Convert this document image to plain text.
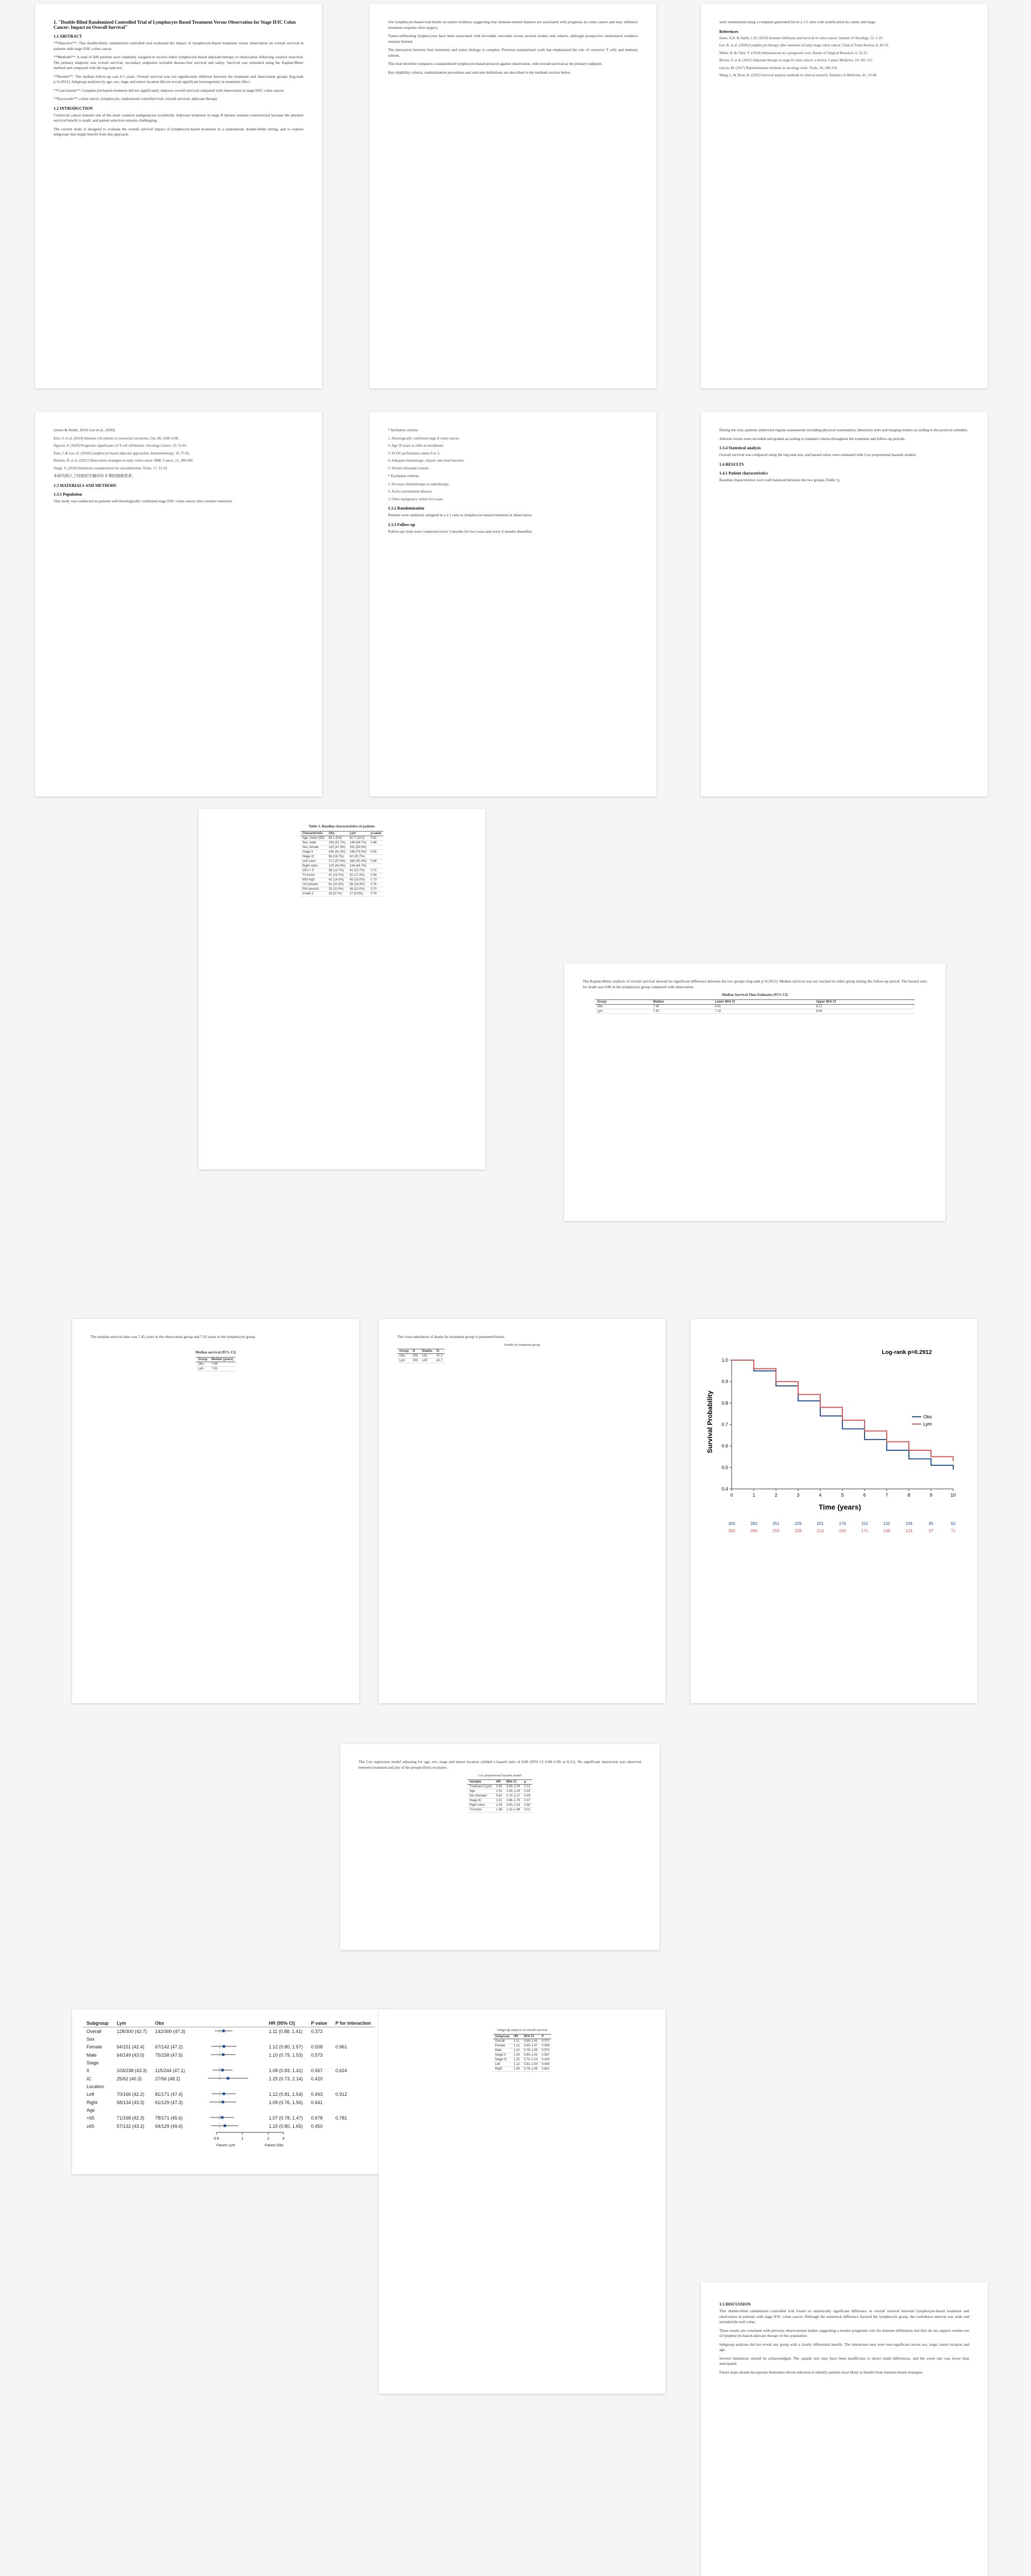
1. "Double-Blind Randomized Controlled Trial of Lymphocyte-Based Treatment Versus Observation for Stage II/IC Colon Cancer: Impact on Overall Survival"

1.1 ABSTRACT

**Objective**: This double-blind, randomized controlled trial evaluated the impact of lymphocyte-based treatment versus observation on overall survival in patients with stage II/IC colon cancer.

**Methods**: A total of 600 patients were randomly assigned to receive either lymphocyte-based adjuvant therapy or observation following curative resection. The primary endpoint was overall survival; secondary endpoints included disease-free survival and safety. Survival was estimated using the Kaplan-Meier method and compared with the log-rank test.

**Results**: The median follow-up was 6.1 years. Overall survival was not significantly different between the treatment and observation groups (log-rank p=0.2912). Subgroup analyses by age, sex, stage and tumor location did not reveal significant heterogeneity in treatment effect.

**Conclusions**: Lymphocyte-based treatment did not significantly improve overall survival compared with observation in stage II/IC colon cancer.

**Keywords**: colon cancer; lymphocyte; randomized controlled trial; overall survival; adjuvant therapy

1.2 INTRODUCTION

Colorectal cancer remains one of the most common malignancies worldwide. Adjuvant treatment in stage II disease remains controversial because the absolute survival benefit is small, and patient selection remains challenging.

The current study is designed to evaluate the overall survival impact of lymphocyte-based treatment in a randomized, double-blind setting, and to explore subgroups that might benefit from this approach.

Our lymphocyte-based trial builds on earlier evidence suggesting that immune-related features are associated with prognosis in colon cancer and may influence treatment response after surgery.

Tumor-infiltrating lymphocytes have been associated with favorable outcomes across several studies and cohorts, although prospective randomized evidence remains limited.

The interaction between host immunity and tumor biology is complex. Previous translational work has emphasized the role of cytotoxic T cells and memory subsets.

This trial therefore compares a standardized lymphocyte-based protocol against observation, with overall survival as the primary endpoint.

Key eligibility criteria, randomization procedures and outcome definitions are described in the methods section below.

were randomized using a computer-generated list in a 1:1 ratio with stratification by center and stage.

References

Jones, A.B. & Smith, C.D. (2019) Immune infiltrates and survival in colon cancer. Journal of Oncology, 12, 1-10.

Lee, K. et al. (2020) Lymphocyte therapy after resection of early-stage colon cancer. Clinical Trials Review, 8, 45-53.

Miller, R. & Chen, Y. (2018) Immunoscore as a prognostic tool. Annals of Surgical Research, 4, 22-31.

Brown, T. et al. (2021) Adjuvant therapy in stage II colon cancer: a review. Cancer Medicine, 10, 101-115.

Garcia, M. (2017) Randomization methods in oncology trials. Trials, 18, 200-210.

Wang, L. & Zhou, H. (2022) Survival analysis methods in clinical research. Statistics in Medicine, 41, 33-48.

(Jones & Smith, 2019; Lee et al., 2020).

Kim, S. et al. (2019) Immune cell subsets in colorectal carcinoma. Gut, 68, 1100-1108.

Nguyen, P. (2020) Prognostic significance of T-cell infiltration. Oncology Letters, 19, 55-61.

Park, J. & Lee, H. (2018) Lymphocyte-based adjuvant approaches. Immunotherapy, 10, 77-85.

Roberts, D. et al. (2021) Observation strategies in early colon cancer. BMC Cancer, 21, 300-309.

Singh, V. (2016) Statistical considerations for non-inferiority. Trials, 17, 12-19.

本研究纳入了经组织学确诊的 II 期结肠癌患者。

1.3 MATERIALS AND METHODS

1.3.1 Population

This study was conducted in patients with histologically confirmed stage II/IC colon cancer after curative resection.

* Inclusion criteria:

1. Histologically confirmed stage II colon cancer;

2. Age 18 years or older at enrollment;

3. ECOG performance status 0 or 1;

4. Adequate hematologic, hepatic and renal function;

5. Written informed consent.

* Exclusion criteria:

1. Previous chemotherapy or radiotherapy;

2. Active autoimmune disease;

3. Other malignancy within five years.

1.3.2 Randomization

Patients were randomly assigned in a 1:1 ratio to lymphocyte-based treatment or observation.

1.3.3 Follow-up

Follow-up visits were conducted every 3 months for two years and every 6 months thereafter.

During the trial, patients underwent regular assessments including physical examination, laboratory tests and imaging studies according to the protocol schedule.

Adverse events were recorded and graded according to standard criteria throughout the treatment and follow-up periods.

1.3.4 Statistical analysis

Overall survival was compared using the log-rank test, and hazard ratios were estimated with Cox proportional hazards models.

1.4 RESULTS

1.4.1 Patient characteristics

Baseline characteristics were well balanced between the two groups (Table 1).

Table 1. Baseline characteristics of patients

Characteristic	Obs	Lym	p-value
Age, mean (SD)	62.1 (9.8)	61.7 (10.2)	0.61
Sex, male	158 (52.7%)	149 (49.7%)	0.46
Sex, female	142 (47.3%)	151 (50.3%)	
Stage II	244 (81.3%)	238 (79.3%)	0.54
Stage IC	56 (18.7%)	62 (20.7%)	
Left colon	171 (57.0%)	166 (55.3%)	0.68
Right colon	129 (43.0%)	134 (44.7%)	
CEA > 5	38 (12.7%)	41 (13.7%)	0.72
T4 tumor	47 (15.7%)	52 (17.3%)	0.58
MSI-high	42 (14.0%)	45 (15.0%)	0.73
LVI present	61 (20.3%)	58 (19.3%)	0.76
PNI present	33 (11.0%)	36 (12.0%)	0.70
Grade 3	29 (9.7%)	27 (9.0%)	0.78

The Kaplan-Meier analysis of overall survival showed no significant difference between the two groups (log-rank p=0.2912). Median survival was not reached in either group during the follow-up period. The hazard ratio for death was 0.86 in the lymphocyte group compared with observation.

Median Survival Time Estimates (95% CI)

Group	Median	Lower 95% CI	Upper 95% CI
Obs	7.45	6.81	8.12
Lym	7.92	7.10	8.66

The median survival time was 7.45 years in the observation group and 7.92 years in the lymphocyte group.

Median survival (95% CI)

Group	Median (years)
Obs	7.45
Lym	7.92

The cross-tabulation of deaths by treatment group is presented below.

Deaths by treatment group

Group	N	Deaths	%
Obs	300	142	47.3
Lym	300	128	42.7
Log-rank p=0.2912
Survival Probability
Time (years)
0.4
0.5
0.6
0.7
0.8
0.9
1.0
0	1	2	3	4	5	6	7	8	9	10
Obs
Lym
300	282	251	226	201	176	152	131	109	85	62
300	286	259	238	214	193	171	148	124	97	71

The Cox regression model adjusting for age, sex, stage and tumor location yielded a hazard ratio of 0.86 (95% CI 0.68–1.09, p=0.21). No significant interaction was observed between treatment and any of the prespecified covariates.

Cox proportional hazards model

Variable	HR	95% CI	p
Treatment (Lym)	0.86	0.68–1.09	0.21
Age	1.02	1.00–1.04	0.03
Sex (female)	0.92	0.72–1.17	0.49
Stage IC	1.31	0.98–1.75	0.07
Right colon	1.05	0.83–1.33	0.68
T4 tumor	1.48	1.10–1.99	0.01
Subgroup	Lym	Obs		HR (95% CI)	P value	P for interaction
Overall	128/300 (42.7)	142/300 (47.3)		1.11 (0.88, 1.41)	0.372	
Sex						
Female	64/151 (42.4)	67/142 (47.2)		1.12 (0.80, 1.57)	0.508	0.961
Male	64/149 (43.0)	75/158 (47.5)		1.10 (0.79, 1.53)	0.573	
Stage						
II	103/238 (43.3)	115/244 (47.1)		1.08 (0.83, 1.41)	0.567	0.624
IC	25/62 (40.3)	27/56 (48.2)		1.25 (0.73, 2.14)	0.420	
Location						
Left	70/166 (42.2)	81/171 (47.4)		1.12 (0.81, 1.54)	0.493	0.912
Right	58/134 (43.3)	61/129 (47.3)		1.09 (0.76, 1.56)	0.641	
Age						
<65	71/168 (42.3)	78/171 (45.6)		1.07 (0.78, 1.47)	0.678	0.781
≥65	57/132 (43.2)	64/129 (49.6)		1.15 (0.80, 1.65)	0.450	
0.5	1	2	3
Favors Lym	Favors Obs

Subgroup analysis of overall survival

Subgroup	HR	95% CI	P
Overall	1.11	0.88–1.41	0.372
Female	1.12	0.80–1.57	0.508
Male	1.10	0.79–1.53	0.573
Stage II	1.08	0.83–1.41	0.567
Stage IC	1.25	0.73–2.14	0.420
Left	1.12	0.81–1.54	0.493
Right	1.09	0.76–1.56	0.641

1.5 DISCUSSION

This double-blind randomized controlled trial found no statistically significant difference in overall survival between lymphocyte-based treatment and observation in patients with stage II/IC colon cancer. Although the numerical difference favored the lymphocyte group, the confidence interval was wide and included the null value.

These results are consistent with previous observational studies suggesting a modest prognostic role for immune infiltration, but they do not support routine use of lymphocyte-based adjuvant therapy in this population.

Subgroup analyses did not reveal any group with a clearly differential benefit. The interaction tests were non-significant across sex, stage, tumor location and age.

Several limitations should be acknowledged. The sample size may have been insufficient to detect small differences, and the event rate was lower than anticipated.

Future trials should incorporate biomarker-driven selection to identify patients most likely to benefit from immune-based strategies.
